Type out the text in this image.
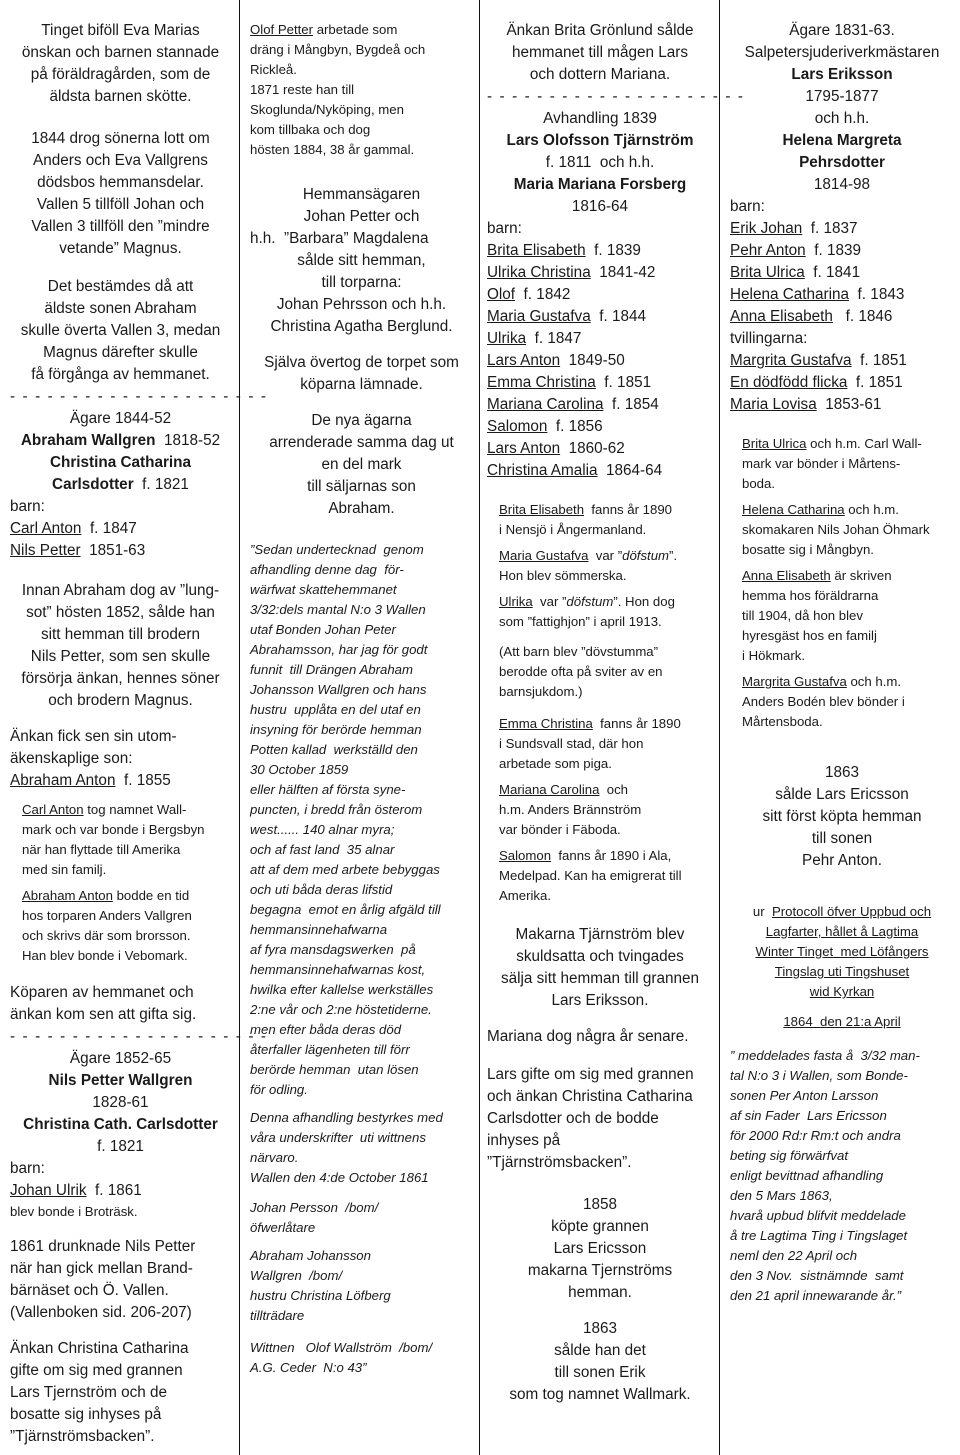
Tinget biföll Eva Marias

önskan och barnen stannade

på föräldragården, som de

äldsta barnen skötte.

1844 drog sönerna lott om

Anders och Eva Vallgrens

dödsbos hemmansdelar.

Vallen 5 tillföll Johan och

Vallen 3 tillföll den ”mindre

vetande” Magnus.

Det bestämdes då att

äldste sonen Abraham

skulle överta Vallen 3, medan

Magnus därefter skulle

få förgånga av hemmanet.

- - - - - - - - - - - - - - - - - - - - -

Ägare 1844-52

Abraham Wallgren 1818-52

Christina Catharina

Carlsdotter f. 1821

barn:

Carl Anton f. 1847

Nils Petter 1851-63

Innan Abraham dog av ”lung-

sot” hösten 1852, sålde han

sitt hemman till brodern

Nils Petter, som sen skulle

försörja änkan, hennes söner

och brodern Magnus.

Änkan fick sen sin utom-

äkenskaplige son:

Abraham Anton f. 1855

Carl Anton tog namnet Wall-

mark och var bonde i Bergsbyn

när han flyttade till Amerika

med sin familj.

Abraham Anton bodde en tid

hos torparen Anders Vallgren

och skrivs där som brorsson.

Han blev bonde i Vebomark.

Köparen av hemmanet och

änkan kom sen att gifta sig.

- - - - - - - - - - - - - - - - - - - - -

Ägare 1852-65

Nils Petter Wallgren

1828-61

Christina Cath. Carlsdotter

f. 1821

barn:

Johan Ulrik f. 1861

blev bonde i Broträsk.

1861 drunknade Nils Petter

när han gick mellan Brand-

bärnäset och Ö. Vallen.

(Vallenboken sid. 206-207)

Änkan Christina Catharina

gifte om sig med grannen

Lars Tjernström och de

bosatte sig inhyses på

”Tjärnströmsbacken”.

Olof Petter arbetade som

dräng i Mångbyn, Bygdeå och

Rickleå.

1871 reste han till

Skoglunda/Nyköping, men

kom tillbaka och dog

hösten 1884, 38 år gammal.

Hemmansägaren

Johan Petter och

h.h.  ”Barbara” Magdalena

sålde sitt hemman,

till torparna:

Johan Pehrsson och h.h.

Christina Agatha Berglund.

Själva övertog de torpet som

köparna lämnade.

De nya ägarna

arrenderade samma dag ut

en del mark

till säljarnas son

Abraham.

”Sedan undertecknad  genom

afhandling denne dag  för-

wärfwat skattehemmanet

3/32:dels mantal N:o 3 Wallen

utaf Bonden Johan Peter

Abrahamsson, har jag för godt

funnit  till Drängen Abraham

Johansson Wallgren och hans

hustru  upplåta en del utaf en

insyning för berörde hemman

Potten kallad  werkställd den

30 October 1859

eller hälften af första syne-

puncten, i bredd från österom

west...... 140 alnar myra;

och af fast land  35 alnar

att af dem med arbete bebyggas

och uti båda deras lifstid

begagna  emot en årlig afgäld till

hemmansinnehafwarna

af fyra mansdagswerken  på

hemmansinnehafwarnas kost,

hwilka efter kallelse werkställes

2:ne vår och 2:ne höstetiderne.

men efter båda deras död

återfaller lägenheten till förr

berörde hemman  utan lösen

för odling.

Denna afhandling bestyrkes med

våra underskrifter  uti wittnens

närvaro.

Wallen den 4:de October 1861

Johan Persson  /bom/

öfwerlåtare

Abraham Johansson

Wallgren  /bom/

hustru Christina Löfberg

tillträdare

Wittnen   Olof Wallström  /bom/

A.G. Ceder  N:o 43”

Änkan Brita Grönlund sålde

hemmanet till mågen Lars

och dottern Mariana.

- - - - - - - - - - - - - - - - - - - - -

Avhandling 1839

Lars Olofsson Tjärnström

f. 1811  och h.h.

Maria Mariana Forsberg

1816-64

barn:

Brita Elisabeth  f. 1839

Ulrika Christina  1841-42

Olof  f. 1842

Maria Gustafva  f. 1844

Ulrika  f. 1847

Lars Anton  1849-50

Emma Christina  f. 1851

Mariana Carolina  f. 1854

Salomon  f. 1856

Lars Anton  1860-62

Christina Amalia  1864-64

Brita Elisabeth  fanns år 1890

i Nensjö i Ångermanland.

Maria Gustafva  var ”döfstum”.

Hon blev sömmerska.

Ulrika  var ”döfstum”. Hon dog

som ”fattighjon” i april 1913.

(Att barn blev ”dövstumma”

berodde ofta på sviter av en

barnsjukdom.)

Emma Christina  fanns år 1890

i Sundsvall stad, där hon

arbetade som piga.

Mariana Carolina  och

h.m. Anders Brännström

var bönder i Fäboda.

Salomon  fanns år 1890 i Ala,

Medelpad. Kan ha emigrerat till

Amerika.

Makarna Tjärnström blev

skuldsatta och tvingades

sälja sitt hemman till grannen

Lars Eriksson.

Mariana dog några år senare.

Lars gifte om sig med grannen

och änkan Christina Catharina

Carlsdotter och de bodde

inhyses på

”Tjärnströmsbacken”.

1858

köpte grannen

Lars Ericsson

makarna Tjernströms

hemman.

1863

sålde han det

till sonen Erik

som tog namnet Wallmark.

Ägare 1831-63.

Salpetersjuderiverkmästaren

Lars Eriksson

1795-1877

och h.h.

Helena Margreta

Pehrsdotter

1814-98

barn:

Erik Johan  f. 1837

Pehr Anton  f. 1839

Brita Ulrica  f. 1841

Helena Catharina  f. 1843

Anna Elisabeth   f. 1846

tvillingarna:

Margrita Gustafva  f. 1851

En dödfödd flicka  f. 1851

Maria Lovisa  1853-61

Brita Ulrica och h.m. Carl Wall-

mark var bönder i Mårtens-

boda.

Helena Catharina och h.m.

skomakaren Nils Johan Öhmark

bosatte sig i Mångbyn.

Anna Elisabeth är skriven

hemma hos föräldrarna

till 1904, då hon blev

hyresgäst hos en familj

i Hökmark.

Margrita Gustafva och h.m.

Anders Bodén blev bönder i

Mårtensboda.

1863

sålde Lars Ericsson

sitt först köpta hemman

till sonen

Pehr Anton.

ur  Protocoll öfver Uppbud och

Lagfarter, hållet å Lagtima

Winter Tinget  med Löfångers

Tingslag uti Tingshuset

wid Kyrkan

1864  den 21:a April

” meddelades fasta å  3/32 man-

tal N:o 3 i Wallen, som Bonde-

sonen Per Anton Larsson

af sin Fader  Lars Ericsson

för 2000 Rd:r Rm:t och andra

beting sig förwärfvat

enligt bevittnad afhandling

den 5 Mars 1863,

hvarå upbud blifvit meddelade

å tre Lagtima Ting i Tingslaget

neml den 22 April och

den 3 Nov.  sistnämnde  samt

den 21 april innewarande år.”
